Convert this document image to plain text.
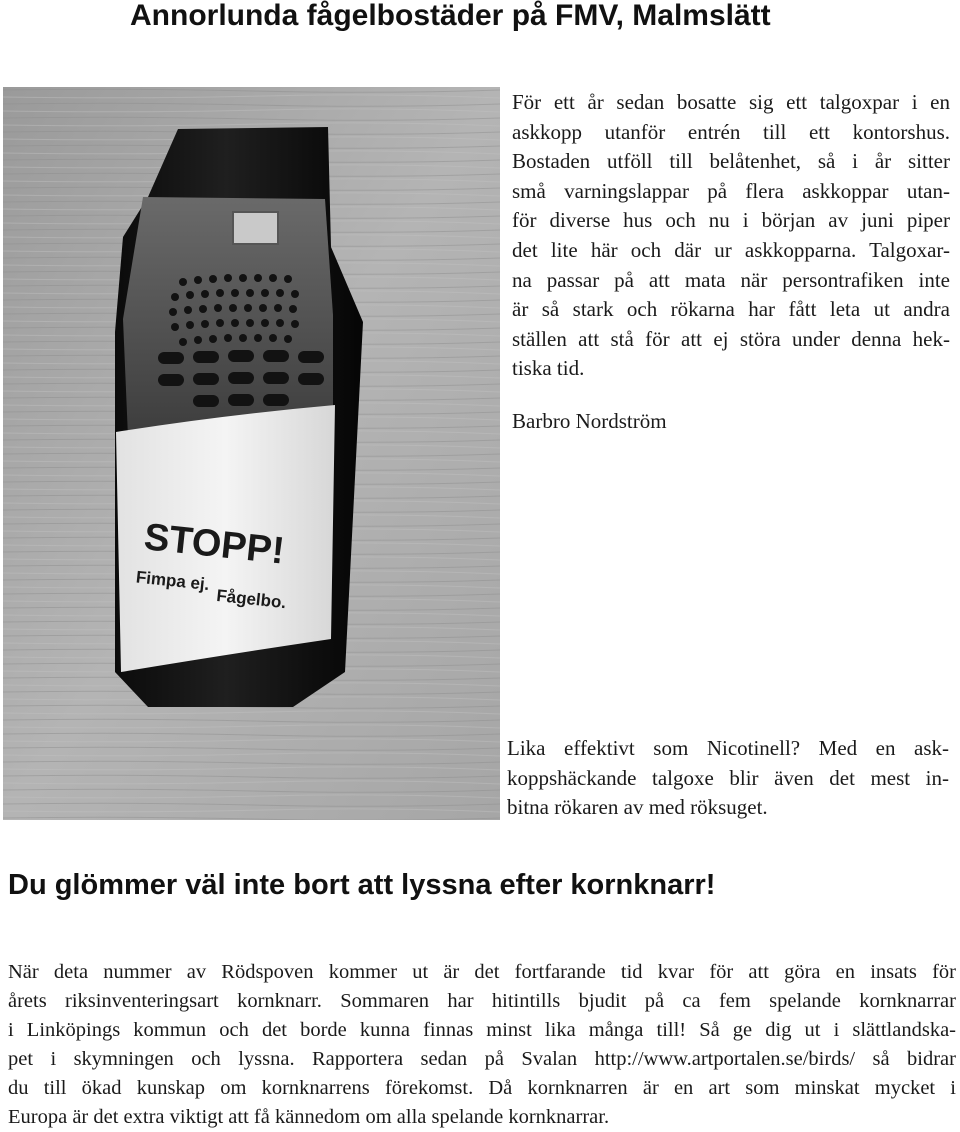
Annorlunda fågelbostäder på FMV, Malmslätt
STOPP!
Fimpa ej.
Fågelbo.
För ett år sedan bosatte sig ett talgoxpar i en
askkopp utanför entrén till ett kontorshus.
Bostaden utföll till belåtenhet, så i år sitter
små varningslappar på flera askkoppar utan-
för diverse hus och nu i början av juni piper
det lite här och där ur askkopparna. Talgoxar-
na passar på att mata när persontrafiken inte
är så stark och rökarna har fått leta ut andra
ställen att stå för att ej störa under denna hek-
tiska tid.
Barbro Nordström
Lika effektivt som Nicotinell? Med en ask-
koppshäckande talgoxe blir även det mest in-
bitna rökaren av med röksuget.
Du glömmer väl inte bort att lyssna efter kornknarr!
När deta nummer av Rödspoven kommer ut är det fortfarande tid kvar för att göra en insats för
årets riksinventeringsart kornknarr. Sommaren har hitintills bjudit på ca fem spelande kornknarrar
i Linköpings kommun och det borde kunna finnas minst lika många till! Så ge dig ut i slättlandska-
pet i skymningen och lyssna. Rapportera sedan på Svalan http://www.artportalen.se/birds/ så bidrar
du till ökad kunskap om kornknarrens förekomst. Då kornknarren är en art som minskat mycket i
Europa är det extra viktigt att få kännedom om alla spelande kornknarrar.
